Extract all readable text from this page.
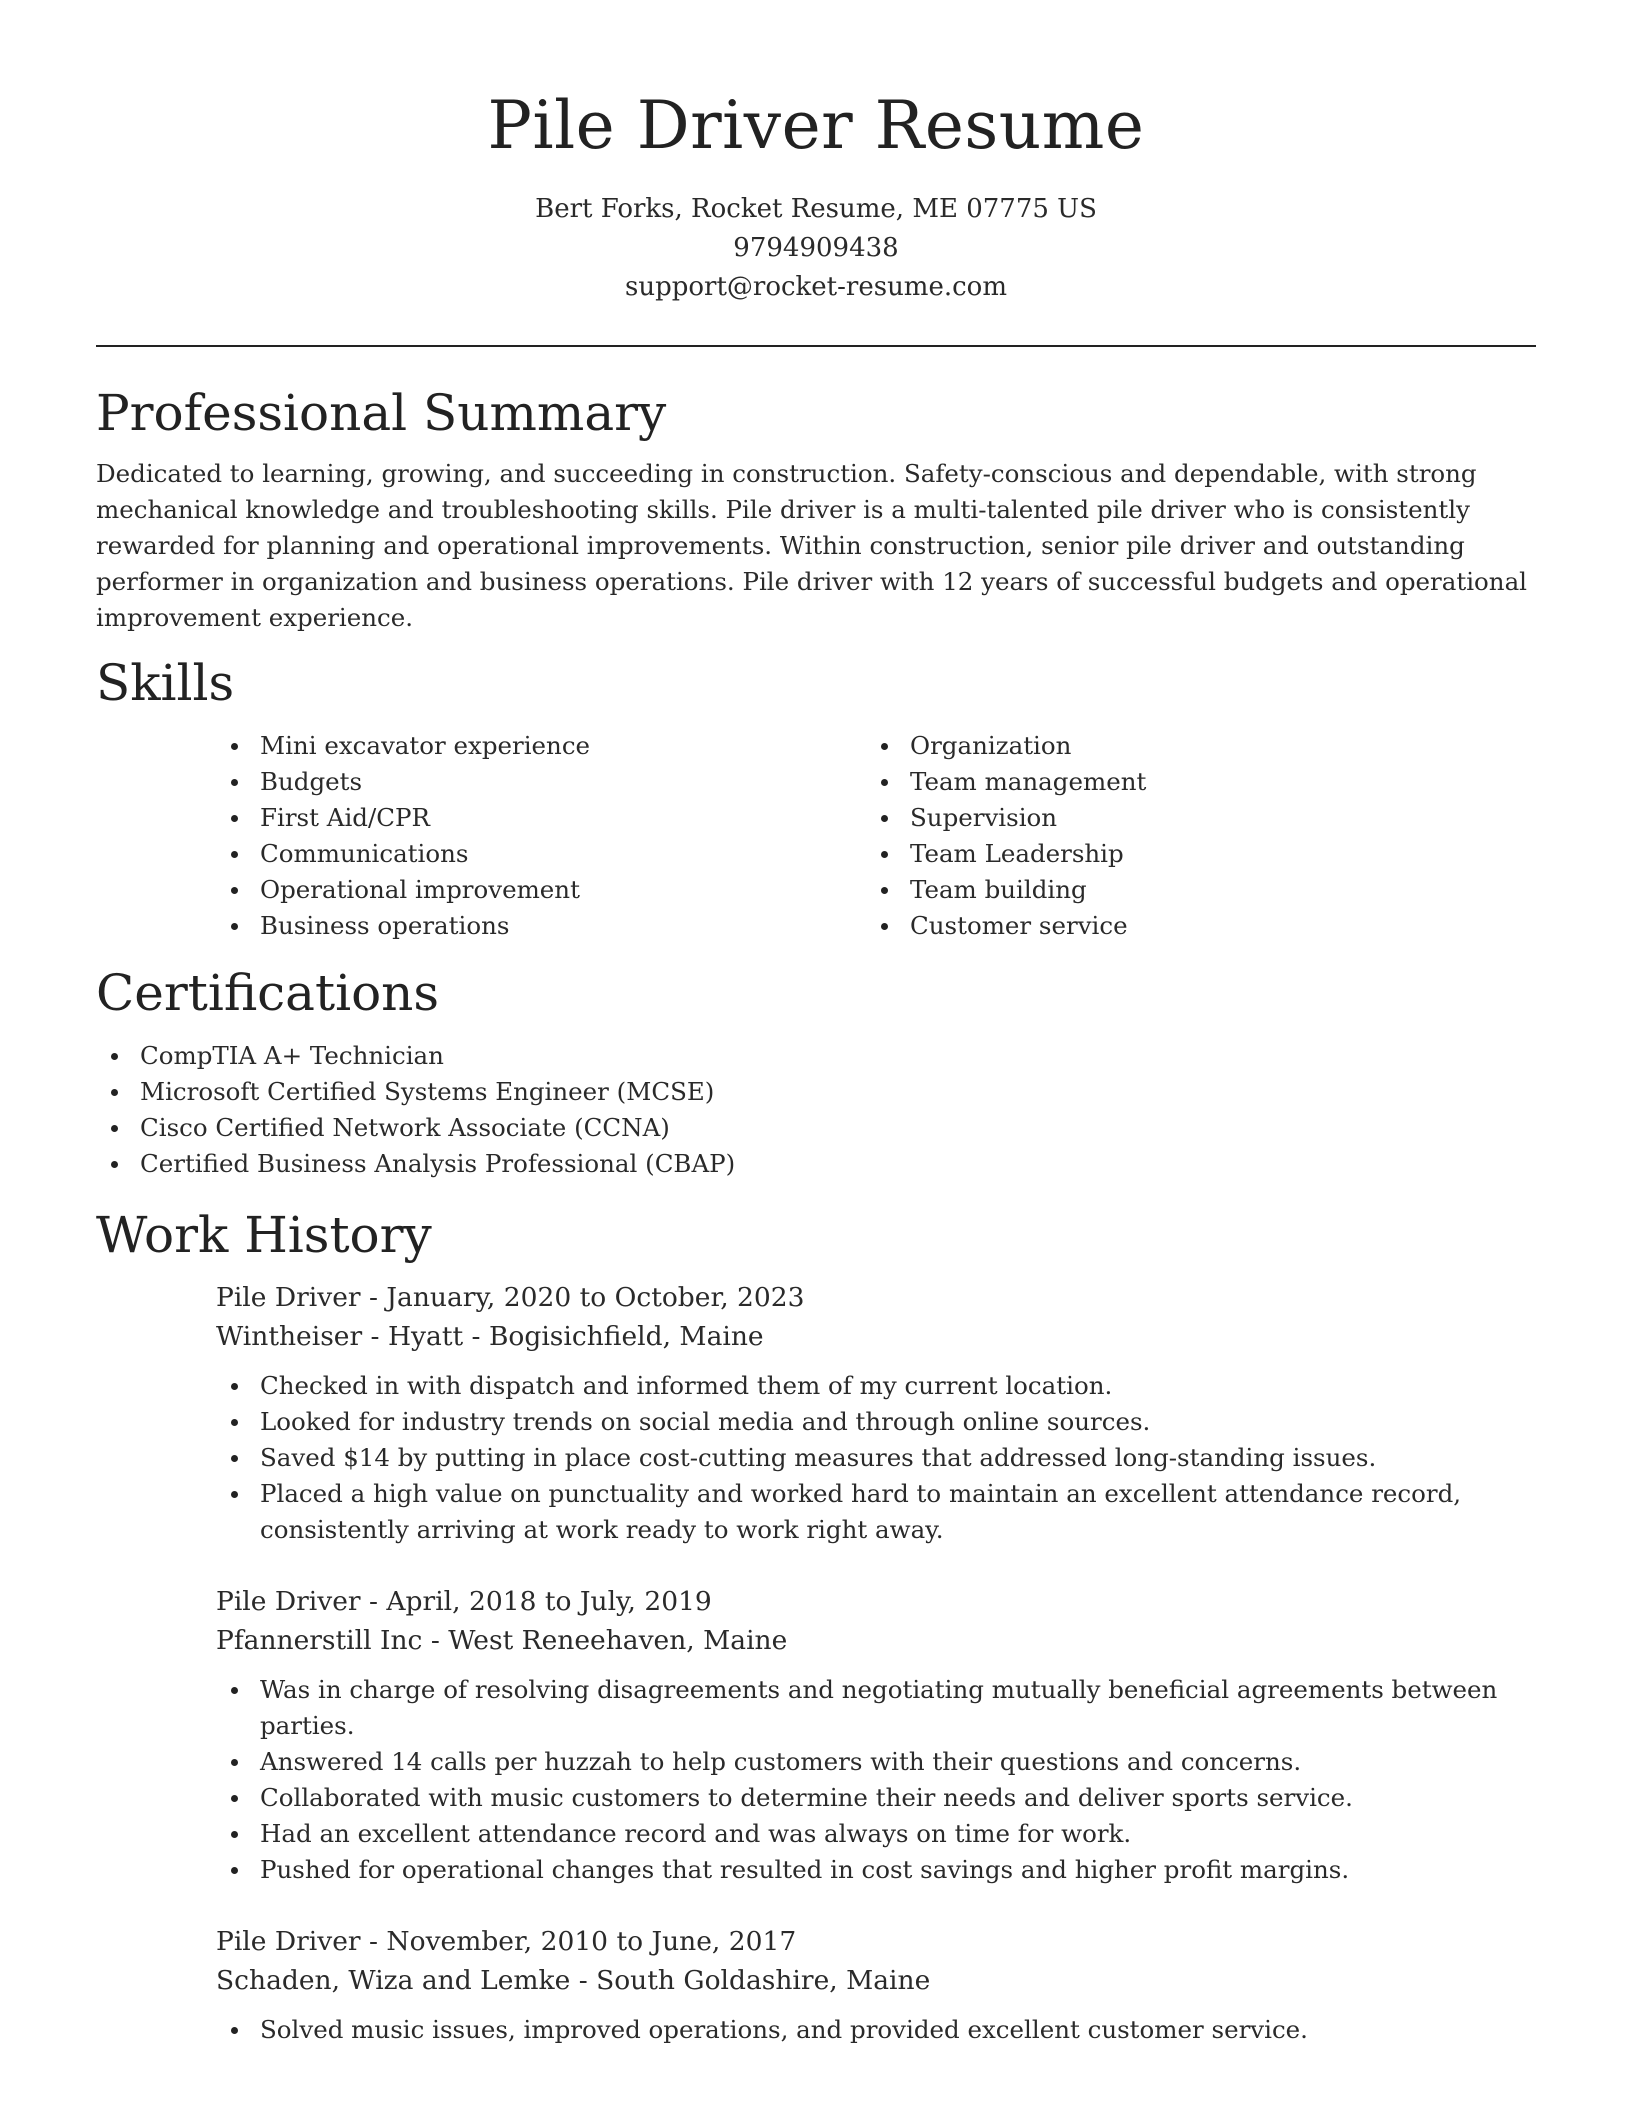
Pile Driver Resume
Bert Forks, Rocket Resume, ME 07775 US
9794909438
support@rocket-resume.com
Professional Summary

Dedicated to learning, growing, and succeeding in construction. Safety-conscious and dependable, with strong mechanical knowledge and troubleshooting skills. Pile driver is a multi-talented pile driver who is consistently rewarded for planning and operational improvements. Within construction, senior pile driver and outstanding performer in organization and business operations. Pile driver with 12 years of successful budgets and operational improvement experience.

Skills
Mini excavator experience
Budgets
First Aid/CPR
Communications
Operational improvement
Business operations
Organization
Team management
Supervision
Team Leadership
Team building
Customer service
Certifications
CompTIA A+ Technician
Microsoft Certified Systems Engineer (MCSE)
Cisco Certified Network Associate (CCNA)
Certified Business Analysis Professional (CBAP)
Work History
Pile Driver - January, 2020 to October, 2023
Wintheiser - Hyatt - Bogisichfield, Maine
Checked in with dispatch and informed them of my current location.
Looked for industry trends on social media and through online sources.
Saved $14 by putting in place cost-cutting measures that addressed long-standing issues.
Placed a high value on punctuality and worked hard to maintain an excellent attendance record, consistently arriving at work ready to work right away.
Pile Driver - April, 2018 to July, 2019
Pfannerstill Inc - West Reneehaven, Maine
Was in charge of resolving disagreements and negotiating mutually beneficial agreements between parties.
Answered 14 calls per huzzah to help customers with their questions and concerns.
Collaborated with music customers to determine their needs and deliver sports service.
Had an excellent attendance record and was always on time for work.
Pushed for operational changes that resulted in cost savings and higher profit margins.
Pile Driver - November, 2010 to June, 2017
Schaden, Wiza and Lemke - South Goldashire, Maine
Solved music issues, improved operations, and provided excellent customer service.
